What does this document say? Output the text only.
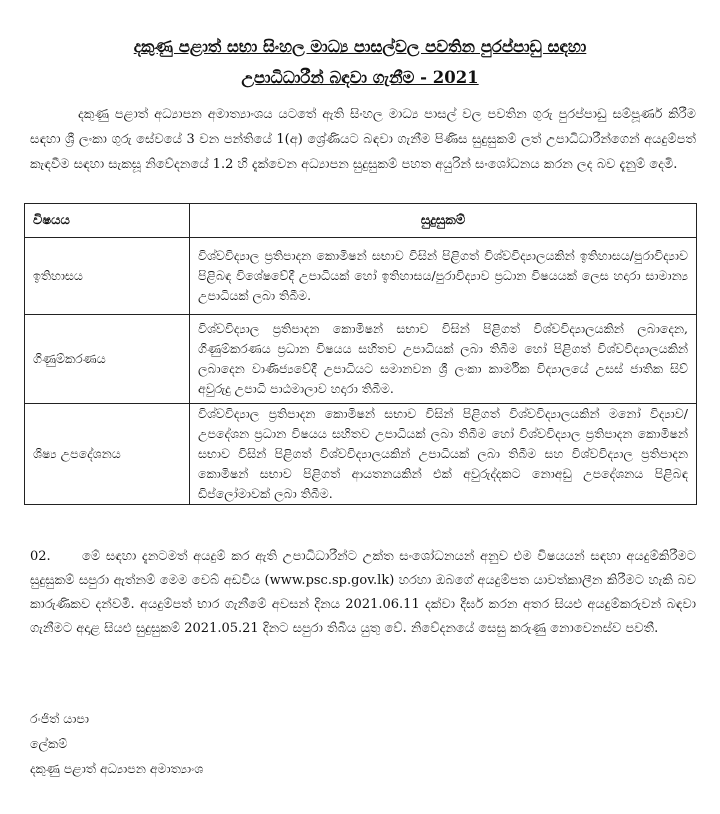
දකුණු පළාත් සභා සිංහල මාධ්‍ය පාසල්වල පවතින පුරප්පාඩු සඳහා
උපාධිධාරීන් බඳවා ගැනීම - 2021
දකුණු පළාත් අධ්‍යාපන අමාත්‍යාංශය යටතේ ඇති සිංහල මාධ්‍ය පාසල් වල පවතින ගුරු පුරප්පාඩු සම්පූර්ණ කිරීම සඳහා ශ්‍රී ලංකා ගුරු සේවයේ 3 වන පන්තියේ 1(අ) ශ්‍රේණියට බඳවා ගැනීම පිණිස සුදුසුකම් ලත් උපාධිධාරීන්ගෙන් අයදුම්පත් කැඳවීම සඳහා සැකසූ නිවේදනයේ 1.2 හි දැක්වෙන අධ්‍යාපන සුදුසුකම් පහත අයුරින් සංශෝධනය කරන ලද බව දැනුම් දෙමි.
විෂයය	සුදුසුකම්
ඉතිහාසය	විශ්වවිද්‍යාල ප්‍රතිපාදන කොමිෂන් සභාව විසින් පිළිගත් විශ්වවිද්‍යාලයකින් ඉතිහාසය/පුරාවිද්‍යාව පිළිබඳ විශේෂවේදී උපාධියක් හෝ ඉතිහාසය/පුරාවිද්‍යාව ප්‍රධාන විෂයයක් ලෙස හදාරා සාමාන්‍ය උපාධියක් ලබා තිබීම.
ගිණුම්කරණය	විශ්වවිද්‍යාල ප්‍රතිපාදන කොමිෂන් සභාව විසින් පිළිගත් විශ්වවිද්‍යාලයකින් ලබාදෙන, ගිණුම්කරණය ප්‍රධාන විෂයය සහිතව උපාධියක් ලබා තිබීම හෝ පිළිගත් විශ්වවිද්‍යාලයකින් ලබාදෙන වාණිජ්‍යවේදී උපාධියට සමානවන ශ්‍රී ලංකා කාර්මික විද්‍යාලයේ උසස් ජාතික සිව් අවුරුදු උපාධි පාඨමාලාව හදාරා තිබීම.
ශිෂ්‍ය උපදේශනය	විශ්වවිද්‍යාල ප්‍රතිපාදන කොමිෂන් සභාව විසින් පිළිගත් විශ්වවිද්‍යාලයකින් මනෝ විද්‍යාව/උපදේශන ප්‍රධාන විෂයය සහිතව උපාධියක් ලබා තිබීම හෝ විශ්වවිද්‍යාල ප්‍රතිපාදන කොමිෂන් සභාව විසින් පිළිගත් විශ්වවිද්‍යාලයකින් උපාධියක් ලබා තිබීම සහ විශ්වවිද්‍යාල ප්‍රතිපාදන කොමිෂන් සභාව පිළිගත් ආයතනයකින් එක් අවුරුද්දකට නොඅඩු උපදේශනය පිළිබඳ ඩිප්ලෝමාවක් ලබා තිබීම.
02. මේ සඳහා දැනටමත් අයදුම් කර ඇති උපාධිධාරීන්ට උක්ත සංශෝධනයන් අනුව එම විෂයයන් සඳහා අයදුම්කිරීමට සුදුසුකම් සපුරා ඇත්නම් මෙම වෙබ් අඩවිය (www.psc.sp.gov.lk) හරහා ඔබගේ අයදුම්පත යාවත්කාලීන කිරීමට හැකි බව කාරුණිකව දන්වමි. අයදුම්පත් භාර ගැනීමේ අවසන් දිනය 2021.06.11 දක්වා දීර්ඝ කරන අතර සියළු අයදුම්කරුවන් බඳවා ගැනීමට අදාළ සියළු සුදුසුකම් 2021.05.21 දිනට සපුරා තිබිය යුතු වේ. නිවේදනයේ සෙසු කරුණු නොවෙනස්ව පවතී.
රංජිත් යාපා
ලේකම්
දකුණු පළාත් අධ්‍යාපන අමාත්‍යාංශ
